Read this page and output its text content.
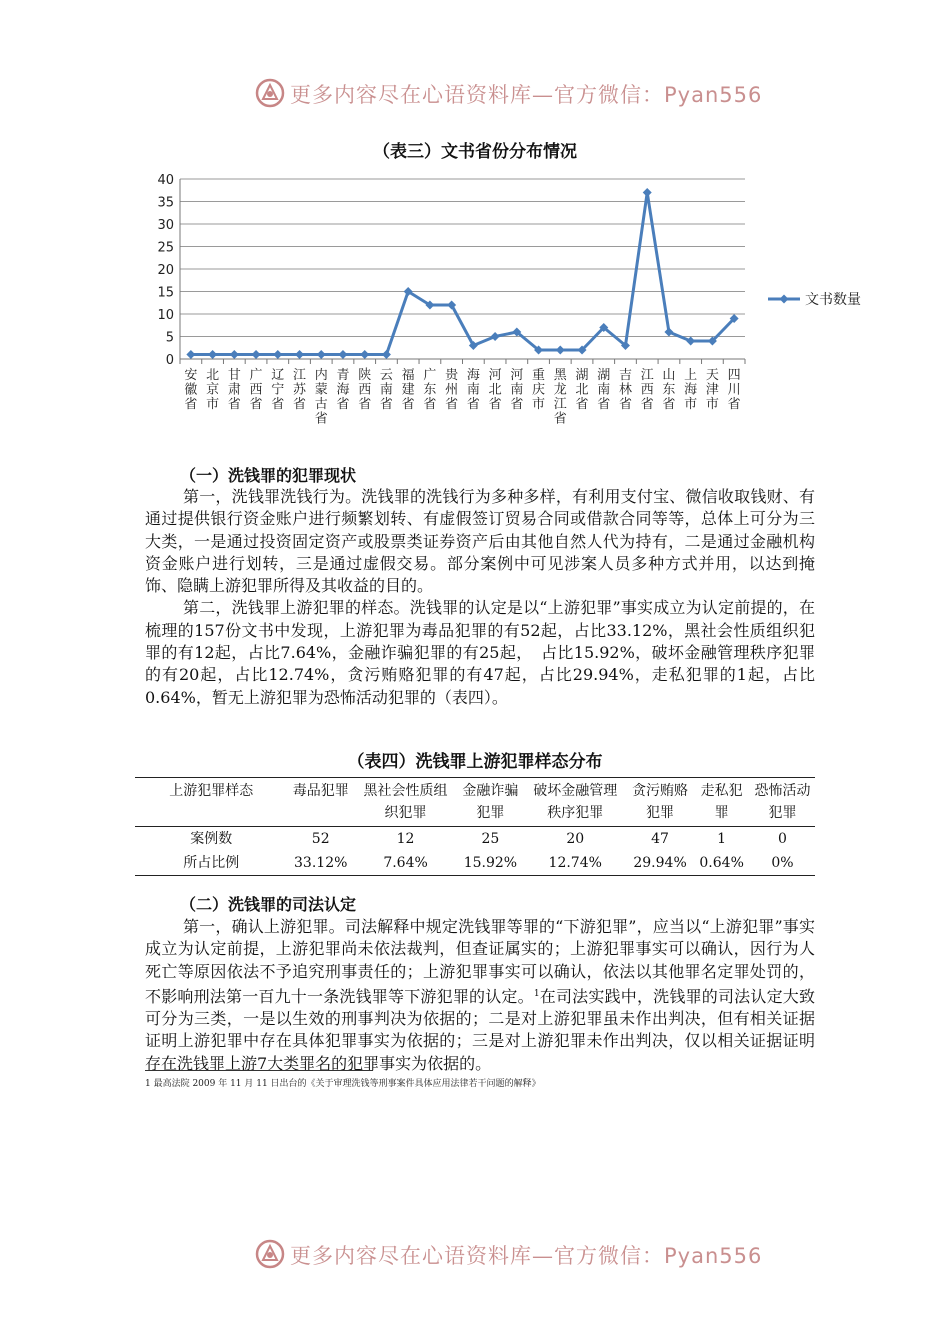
更多内容尽在心语资料库—官方微信：Pyan556
（表三）文书省份分布情况
0
5
10
15
20
25
30
35
40
安徽省
北京市
甘肃省
广西省
辽宁省
江苏省
内蒙古省
青海省
陕西省
云南省
福建省
广东省
贵州省
海南省
河北省
河南省
重庆市
黑龙江省
湖北省
湖南省
吉林省
江西省
山东省
上海市
天津市
四川省
文书数量
（一）洗钱罪的犯罪现状

第一，洗钱罪洗钱行为。洗钱罪的洗钱行为多种多样，有利用支付宝、微信收取钱财、有通过提供银行资金账户进行频繁划转、有虚假签订贸易合同或借款合同等等，总体上可分为三大类，一是通过投资固定资产或股票类证券资产后由其他自然人代为持有，二是通过金融机构资金账户进行划转，三是通过虚假交易。部分案例中可见涉案人员多种方式并用，以达到掩饰、隐瞒上游犯罪所得及其收益的目的。

第二，洗钱罪上游犯罪的样态。洗钱罪的认定是以“上游犯罪”事实成立为认定前提的，在梳理的157份文书中发现，上游犯罪为毒品犯罪的有52起，占比33.12%，黑社会性质组织犯罪的有12起，占比7.64%，金融诈骗犯罪的有25起，　占比15.92%，破坏金融管理秩序犯罪的有20起，占比12.74%，贪污贿赂犯罪的有47起，占比29.94%，走私犯罪的1起，占比0.64%，暂无上游犯罪为恐怖活动犯罪的（表四）。

（表四）洗钱罪上游犯罪样态分布
上游犯罪样态	毒品犯罪	黑社会性质组织犯罪	金融诈骗犯罪	破坏金融管理秩序犯罪	贪污贿赂犯罪	走私犯罪	恐怖活动犯罪
案例数	52	12	25	20	47	1	0
所占比例	33.12%	7.64%	15.92%	12.74%	29.94%	0.64%	0%
（二）洗钱罪的司法认定

第一，确认上游犯罪。司法解释中规定洗钱罪等罪的“下游犯罪”，应当以“上游犯罪”事实成立为认定前提，上游犯罪尚未依法裁判，但查证属实的；上游犯罪事实可以确认，因行为人死亡等原因依法不予追究刑事责任的；上游犯罪事实可以确认，依法以其他罪名定罪处罚的，不影响刑法第一百九十一条洗钱罪等下游犯罪的认定。$^1$在司法实践中，洗钱罪的司法认定大致可分为三类，一是以生效的刑事判决为依据的；二是对上游犯罪虽未作出判决，但有相关证据证明上游犯罪中存在具体犯罪事实为依据的；三是对上游犯罪未作出判决，仅以相关证据证明存在洗钱罪上游7大类罪名的犯罪事实为依据的。

1 最高法院 2009 年 11 月 11 日出台的《关于审理洗钱等刑事案件具体应用法律若干问题的解释》
更多内容尽在心语资料库—官方微信：Pyan556
